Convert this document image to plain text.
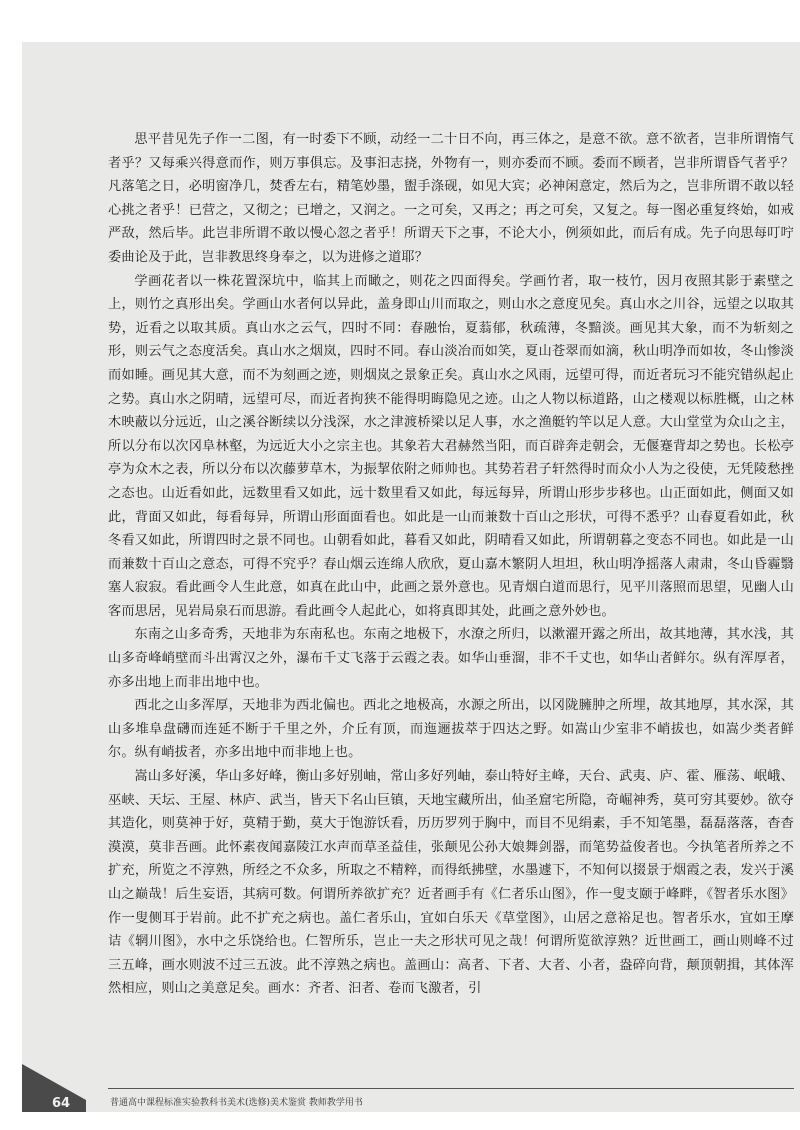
思平昔见先子作一二图，有一时委下不顾，动经一二十日不向，再三体之，是意不欲。意不欲者，岂非所谓惰气者乎？又每乘兴得意而作，则万事俱忘。及事汩志挠，外物有一，则亦委而不顾。委而不顾者，岂非所谓昏气者乎？凡落笔之日，必明窗净几，焚香左右，精笔妙墨，盥手涤砚，如见大宾；必神闲意定，然后为之，岂非所谓不敢以轻心挑之者乎！已营之，又彻之；已增之，又润之。一之可矣，又再之；再之可矣，又复之。每一图必重复终始，如戒严敌，然后毕。此岂非所谓不敢以慢心忽之者乎！所谓天下之事，不论大小，例须如此，而后有成。先子向思每叮咛委曲论及于此，岂非教思终身奉之，以为进修之道耶？

学画花者以一株花置深坑中，临其上而瞰之，则花之四面得矣。学画竹者，取一枝竹，因月夜照其影于素壁之上，则竹之真形出矣。学画山水者何以异此，盖身即山川而取之，则山水之意度见矣。真山水之川谷，远望之以取其势，近看之以取其质。真山水之云气，四时不同：春融怡，夏蓊郁，秋疏薄，冬黯淡。画见其大象，而不为斩刻之形，则云气之态度活矣。真山水之烟岚，四时不同。春山淡冶而如笑，夏山苍翠而如滴，秋山明净而如妆，冬山惨淡而如睡。画见其大意，而不为刻画之迹，则烟岚之景象正矣。真山水之风雨，远望可得，而近者玩习不能究错纵起止之势。真山水之阴晴，远望可尽，而近者拘狭不能得明晦隐见之迹。山之人物以标道路，山之楼观以标胜概，山之林木映蔽以分远近，山之溪谷断续以分浅深，水之津渡桥梁以足人事，水之渔艇钓竿以足人意。大山堂堂为众山之主，所以分布以次冈阜林壑，为远近大小之宗主也。其象若大君赫然当阳，而百辟奔走朝会，无偃蹇背却之势也。长松亭亭为众木之表，所以分布以次藤萝草木，为振挈依附之师帅也。其势若君子轩然得时而众小人为之役使，无凭陵愁挫之态也。山近看如此，远数里看又如此，远十数里看又如此，每远每异，所谓山形步步移也。山正面如此，侧面又如此，背面又如此，每看每异，所谓山形面面看也。如此是一山而兼数十百山之形状，可得不悉乎？山春夏看如此，秋冬看又如此，所谓四时之景不同也。山朝看如此，暮看又如此，阴晴看又如此，所谓朝暮之变态不同也。如此是一山而兼数十百山之意态，可得不究乎？春山烟云连绵人欣欣，夏山嘉木繁阴人坦坦，秋山明净摇落人肃肃，冬山昏霾翳塞人寂寂。看此画令人生此意，如真在此山中，此画之景外意也。见青烟白道而思行，见平川落照而思望，见幽人山客而思居，见岩局泉石而思游。看此画令人起此心，如将真即其处，此画之意外妙也。

东南之山多奇秀，天地非为东南私也。东南之地极下，水潦之所归，以漱濯开露之所出，故其地薄，其水浅，其山多奇峰峭壁而斗出霄汉之外，瀑布千丈飞落于云霞之表。如华山垂溜，非不千丈也，如华山者鲜尔。纵有浑厚者，亦多出地上而非出地中也。

西北之山多浑厚，天地非为西北偏也。西北之地极高，水源之所出，以冈陇臃肿之所埋，故其地厚，其水深，其山多堆阜盘礴而连延不断于千里之外，介丘有顶，而迤逦拔萃于四达之野。如嵩山少室非不峭拔也，如嵩少类者鲜尔。纵有峭拔者，亦多出地中而非地上也。

嵩山多好溪，华山多好峰，衡山多好别岫，常山多好列岫，泰山特好主峰，天台、武夷、庐、霍、雁荡、岷峨、巫峡、天坛、王屋、林庐、武当，皆天下名山巨镇，天地宝藏所出，仙圣窟宅所隐，奇崛神秀，莫可穷其要妙。欲夺其造化，则莫神于好，莫精于勤，莫大于饱游饫看，历历罗列于胸中，而目不见绢素，手不知笔墨，磊磊落落，杳杳漠漠，莫非吾画。此怀素夜闻嘉陵江水声而草圣益佳，张颠见公孙大娘舞剑器，而笔势益俊者也。今执笔者所养之不扩充，所览之不淳熟，所经之不众多，所取之不精粹，而得纸拂壁，水墨遽下，不知何以掇景于烟霞之表，发兴于溪山之巅哉！后生妄语，其病可数。何谓所养欲扩充？近者画手有《仁者乐山图》，作一叟支颐于峰畔，《智者乐水图》作一叟侧耳于岩前。此不扩充之病也。盖仁者乐山，宜如白乐天《草堂图》，山居之意裕足也。智者乐水，宜如王摩诘《辋川图》，水中之乐饶给也。仁智所乐，岂止一夫之形状可见之哉！何谓所览欲淳熟？近世画工，画山则峰不过三五峰，画水则波不过三五波。此不淳熟之病也。盖画山：高者、下者、大者、小者，盎碎向背，颠顶朝揖，其体浑然相应，则山之美意足矣。画水：齐者、汩者、卷而飞激者，引

64	普通高中课程标准实验教科书美术(选修)美术鉴赏 教师教学用书
